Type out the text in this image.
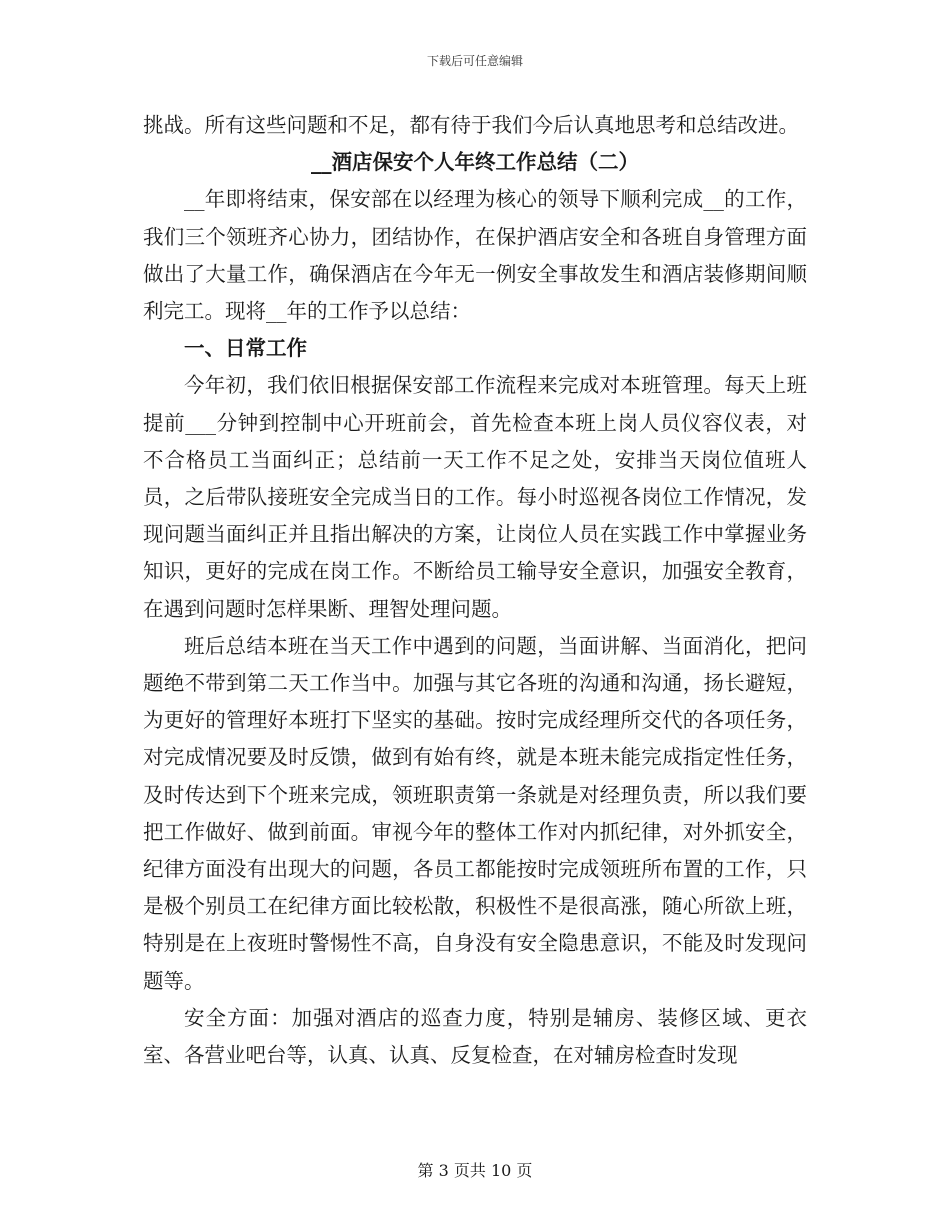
下载后可任意编辑

挑战。所有这些问题和不足，都有待于我们今后认真地思考和总结改进。

__酒店保安个人年终工作总结（二）

__年即将结束，保安部在以经理为核心的领导下顺利完成__的工作，我们三个领班齐心协力，团结协作，在保护酒店安全和各班自身管理方面做出了大量工作，确保酒店在今年无一例安全事故发生和酒店装修期间顺利完工。现将__年的工作予以总结：

一、日常工作

今年初，我们依旧根据保安部工作流程来完成对本班管理。每天上班提前___分钟到控制中心开班前会，首先检查本班上岗人员仪容仪表，对不合格员工当面纠正；总结前一天工作不足之处，安排当天岗位值班人员，之后带队接班安全完成当日的工作。每小时巡视各岗位工作情况，发现问题当面纠正并且指出解决的方案，让岗位人员在实践工作中掌握业务知识，更好的完成在岗工作。不断给员工输导安全意识，加强安全教育，在遇到问题时怎样果断、理智处理问题。

班后总结本班在当天工作中遇到的问题，当面讲解、当面消化，把问题绝不带到第二天工作当中。加强与其它各班的沟通和沟通，扬长避短，为更好的管理好本班打下坚实的基础。按时完成经理所交代的各项任务，对完成情况要及时反馈，做到有始有终，就是本班未能完成指定性任务，及时传达到下个班来完成，领班职责第一条就是对经理负责，所以我们要把工作做好、做到前面。审视今年的整体工作对内抓纪律，对外抓安全，纪律方面没有出现大的问题，各员工都能按时完成领班所布置的工作，只是极个别员工在纪律方面比较松散，积极性不是很高涨，随心所欲上班，特别是在上夜班时警惕性不高，自身没有安全隐患意识，不能及时发现问题等。

安全方面：加强对酒店的巡查力度，特别是辅房、装修区域、更衣室、各营业吧台等，认真、认真、反复检查，在对辅房检查时发现

第 3 页共 10 页
